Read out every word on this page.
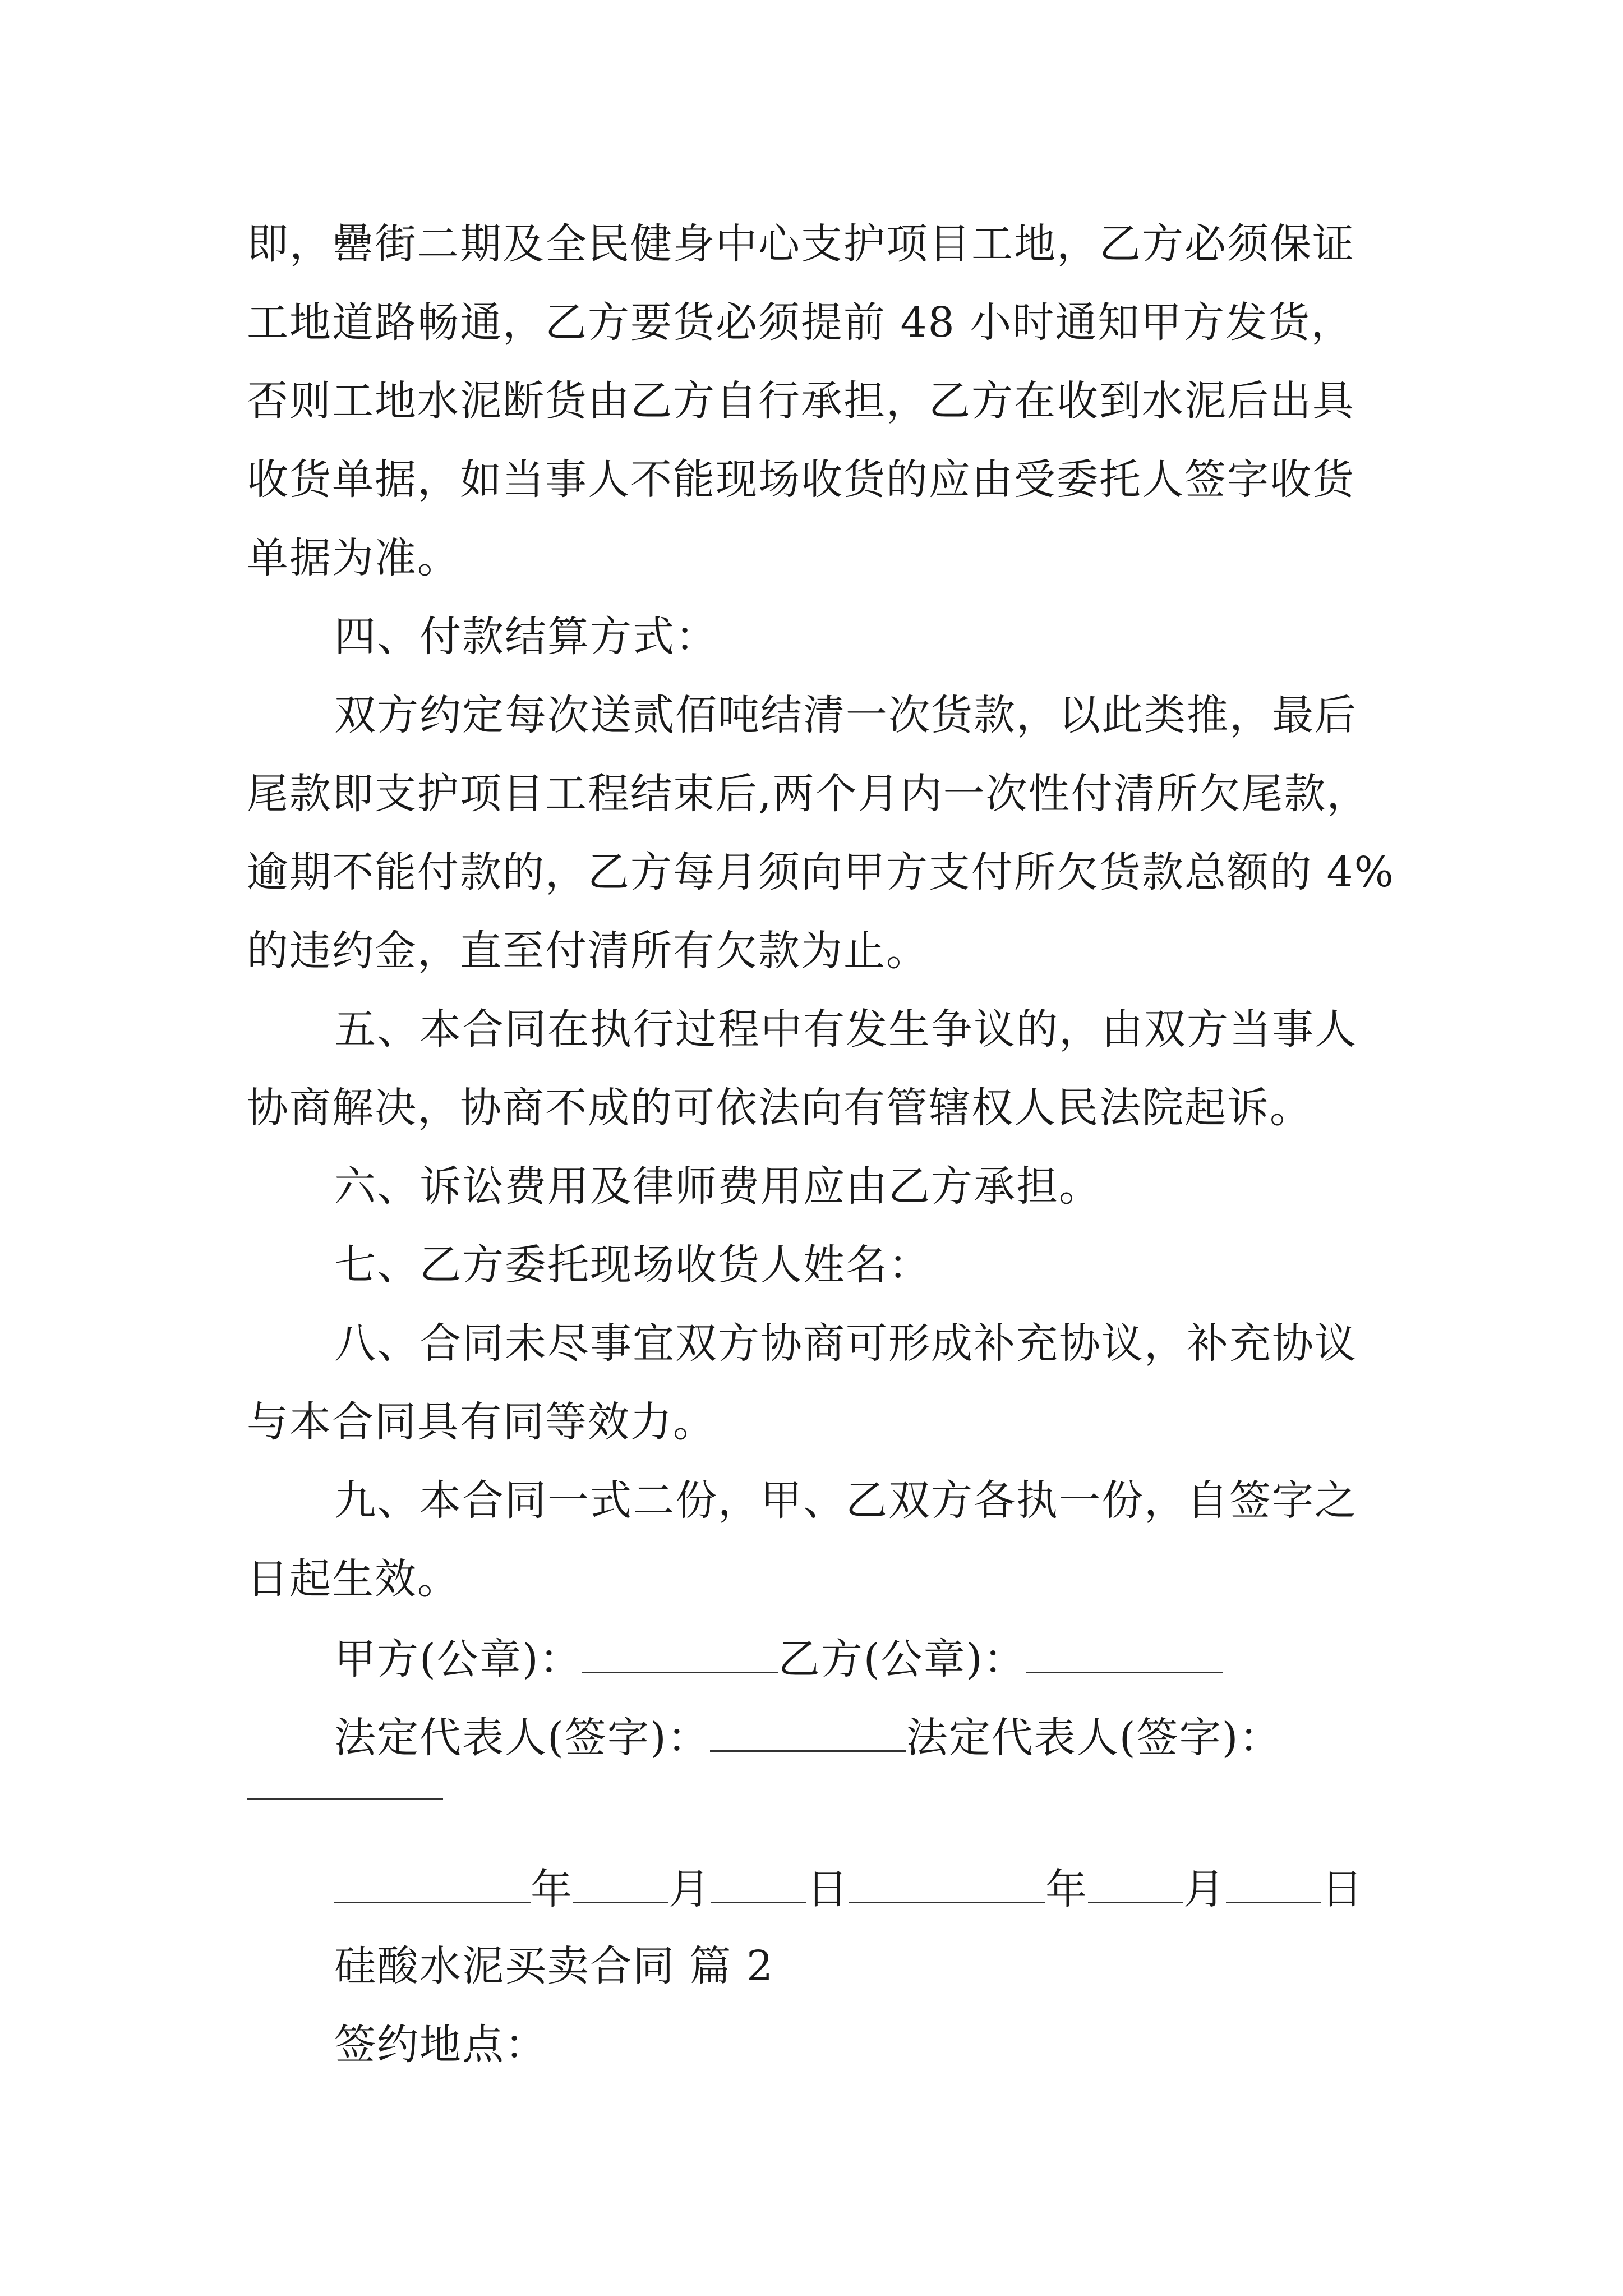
即，罍街二期及全民健身中心支护项目工地，乙方必须保证
工地道路畅通，乙方要货必须提前 48 小时通知甲方发货，
否则工地水泥断货由乙方自行承担，乙方在收到水泥后出具
收货单据，如当事人不能现场收货的应由受委托人签字收货
单据为准。
四、付款结算方式：
双方约定每次送贰佰吨结清一次货款，以此类推，最后
尾款即支护项目工程结束后,两个月内一次性付清所欠尾款，
逾期不能付款的，乙方每月须向甲方支付所欠货款总额的 4%
的违约金，直至付清所有欠款为止。
五、本合同在执行过程中有发生争议的，由双方当事人
协商解决，协商不成的可依法向有管辖权人民法院起诉。
六、诉讼费用及律师费用应由乙方承担。
七、乙方委托现场收货人姓名：
八、合同未尽事宜双方协商可形成补充协议，补充协议
与本合同具有同等效力。
九、本合同一式二份，甲、乙双方各执一份，自签字之
日起生效。
甲方(公章)：	乙方(公章)：
法定代表人(签字)：	法定代表人(签字)：
年 月 日	年 月 日
硅酸水泥买卖合同 篇 2
签约地点：
